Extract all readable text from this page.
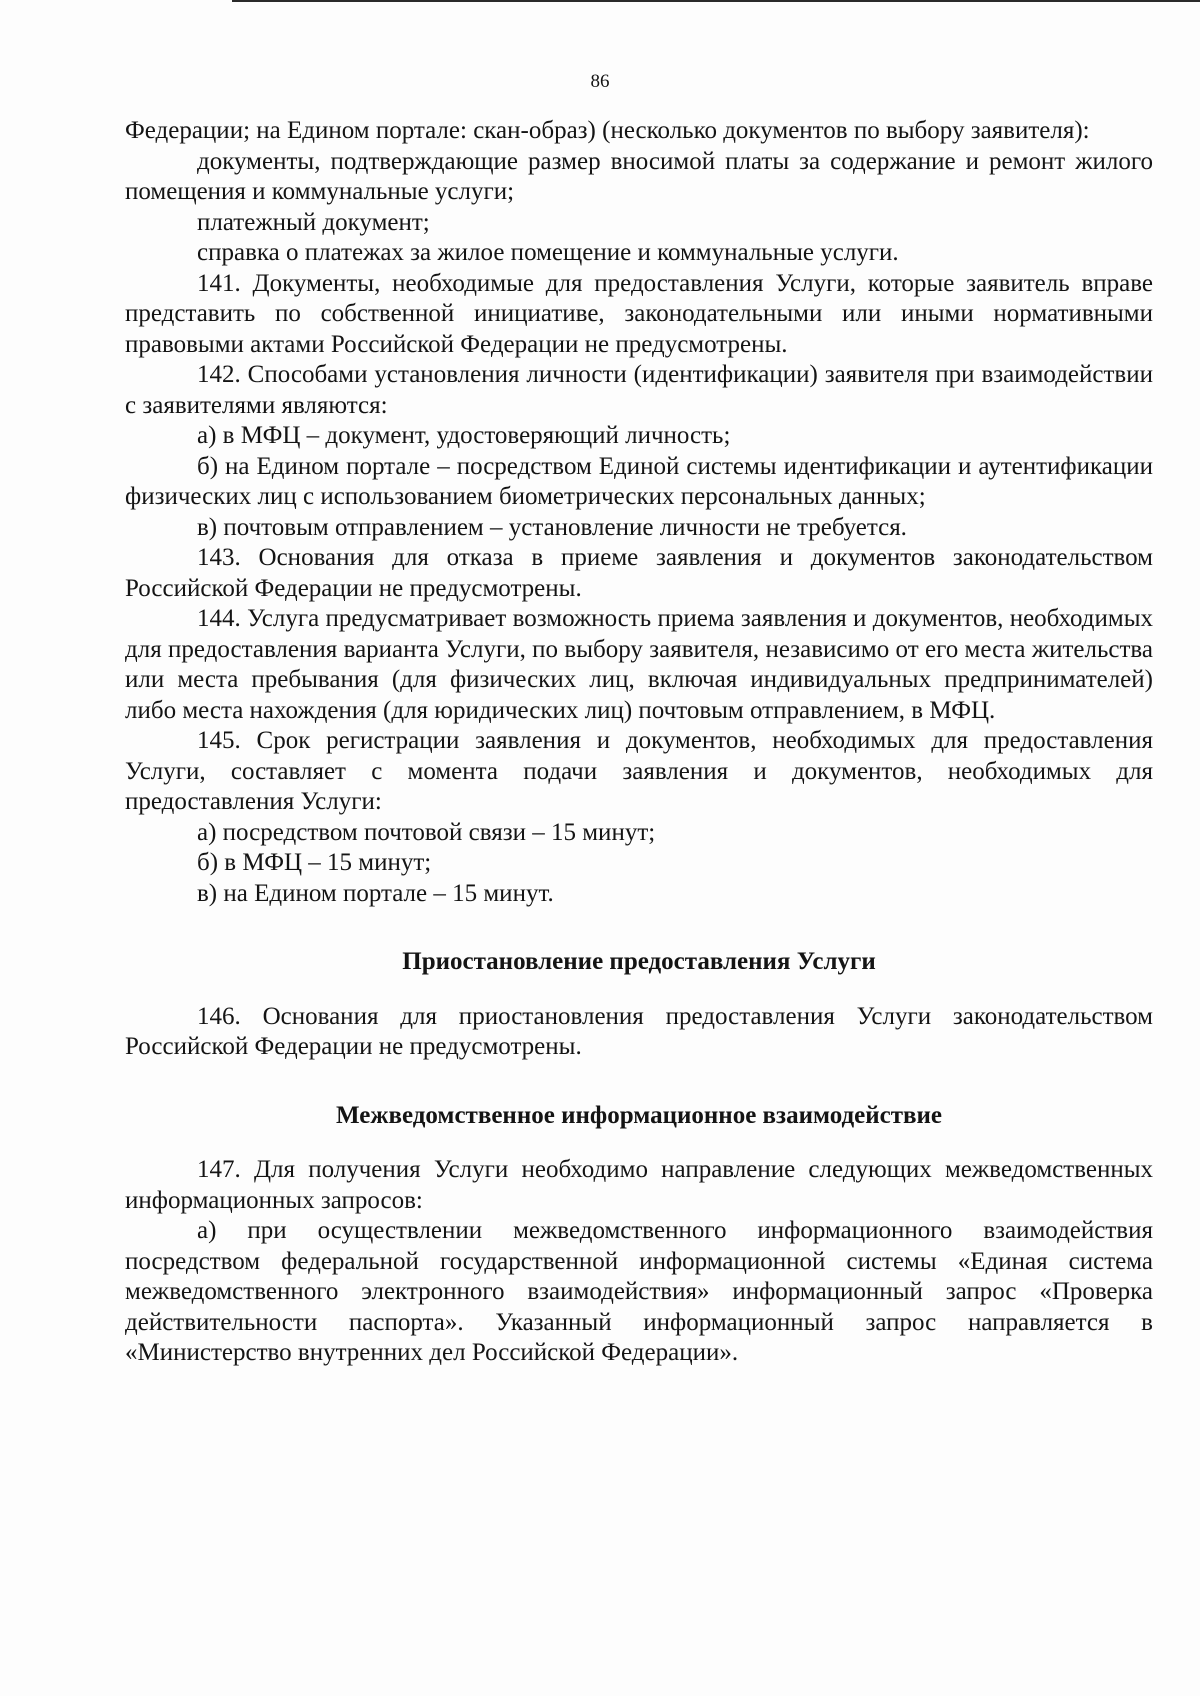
86

Федерации; на Едином портале: скан-образ) (несколько документов по выбору заявителя):

документы, подтверждающие размер вносимой платы за содержание и ремонт жилого помещения и коммунальные услуги;

платежный документ;

справка о платежах за жилое помещение и коммунальные услуги.

141. Документы, необходимые для предоставления Услуги, которые заявитель вправе представить по собственной инициативе, законодательными или иными нормативными правовыми актами Российской Федерации не предусмотрены.

142. Способами установления личности (идентификации) заявителя при взаимодействии с заявителями являются:

а) в МФЦ – документ, удостоверяющий личность;

б) на Едином портале – посредством Единой системы идентификации и аутентификации физических лиц с использованием биометрических персональных данных;

в) почтовым отправлением – установление личности не требуется.

143. Основания для отказа в приеме заявления и документов законодательством Российской Федерации не предусмотрены.

144. Услуга предусматривает возможность приема заявления и документов, необходимых для предоставления варианта Услуги, по выбору заявителя, независимо от его места жительства или места пребывания (для физических лиц, включая индивидуальных предпринимателей) либо места нахождения (для юридических лиц) почтовым отправлением, в МФЦ.

145. Срок регистрации заявления и документов, необходимых для предоставления Услуги, составляет с момента подачи заявления и документов, необходимых для предоставления Услуги:

а) посредством почтовой связи – 15 минут;

б) в МФЦ – 15 минут;

в) на Едином портале – 15 минут.

Приостановление предоставления Услуги

146. Основания для приостановления предоставления Услуги законодательством Российской Федерации не предусмотрены.

Межведомственное информационное взаимодействие

147. Для получения Услуги необходимо направление следующих межведомственных информационных запросов:

а) при осуществлении межведомственного информационного взаимодействия посредством федеральной государственной информационной системы «Единая система межведомственного электронного взаимодействия» информационный запрос «Проверка действительности паспорта». Указанный информационный запрос направляется в «Министерство внутренних дел Российской Федерации».
